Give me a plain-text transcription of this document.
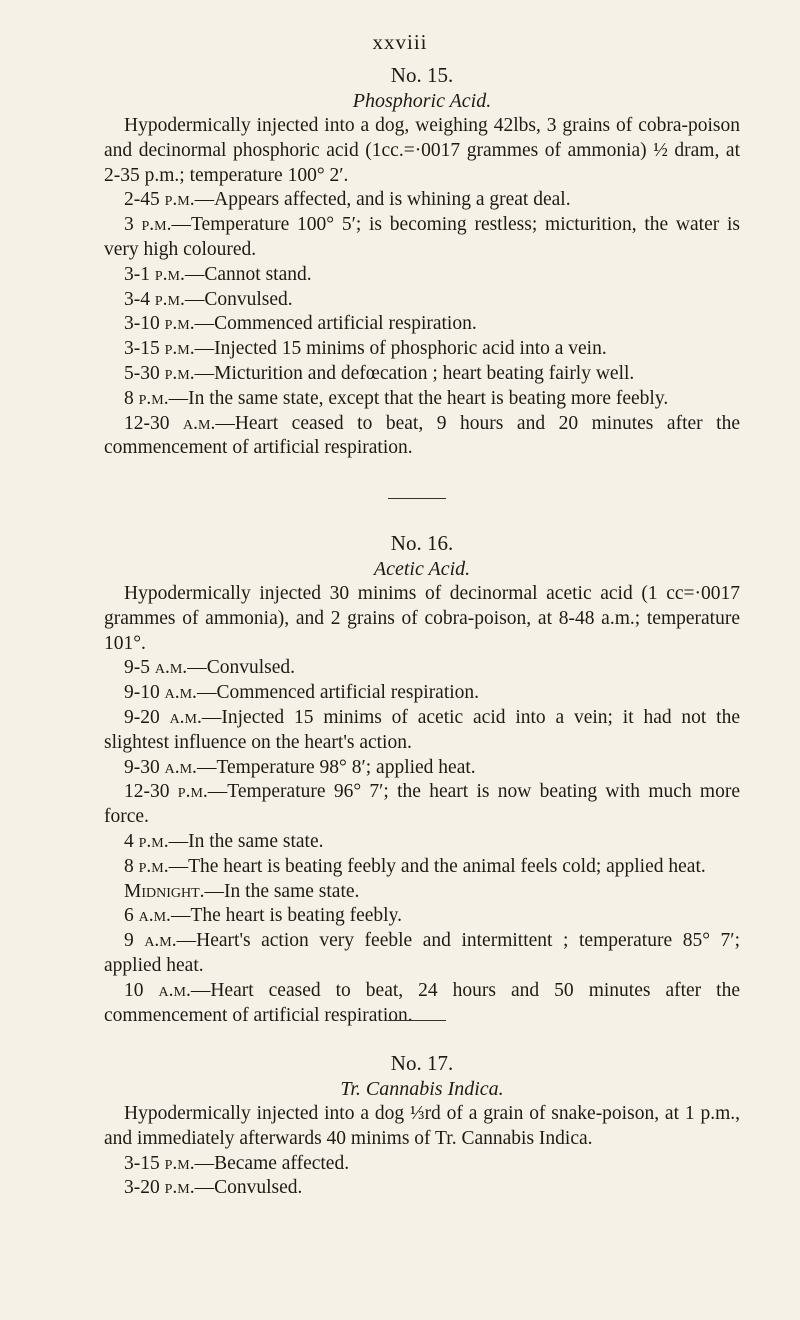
xxviii
No. 15.
Phosphoric Acid.

Hypodermically injected into a dog, weighing 42lbs, 3 grains of cobra-poison and decinormal phosphoric acid (1cc.=·0017 grammes of ammonia) ½ dram, at 2-35 p.m.; temperature 100° 2′.

2-45 p.m.—Appears affected, and is whining a great deal.

3 p.m.—Temperature 100° 5′; is becoming restless; micturition, the water is very high coloured.

3-1 p.m.—Cannot stand.

3-4 p.m.—Convulsed.

3-10 p.m.—Commenced artificial respiration.

3-15 p.m.—Injected 15 minims of phosphoric acid into a vein.

5-30 p.m.—Micturition and defœcation ; heart beating fairly well.

8 p.m.—In the same state, except that the heart is beating more feebly.

12-30 a.m.—Heart ceased to beat, 9 hours and 20 minutes after the commencement of artificial respiration.

No. 16.
Acetic Acid.

Hypodermically injected 30 minims of decinormal acetic acid (1 cc=·0017 grammes of ammonia), and 2 grains of cobra-poison, at 8-48 a.m.; temperature 101°.

9-5 a.m.—Convulsed.

9-10 a.m.—Commenced artificial respiration.

9-20 a.m.—Injected 15 minims of acetic acid into a vein; it had not the slightest influence on the heart's action.

9-30 a.m.—Temperature 98° 8′; applied heat.

12-30 p.m.—Temperature 96° 7′; the heart is now beating with much more force.

4 p.m.—In the same state.

8 p.m.—The heart is beating feebly and the animal feels cold; applied heat.

Midnight.—In the same state.

6 a.m.—The heart is beating feebly.

9 a.m.—Heart's action very feeble and intermittent ; temperature 85° 7′; applied heat.

10 a.m.—Heart ceased to beat, 24 hours and 50 minutes after the commencement of artificial respiration.

No. 17.
Tr. Cannabis Indica.

Hypodermically injected into a dog ⅓rd of a grain of snake-poison, at 1 p.m., and immediately afterwards 40 minims of Tr. Cannabis Indica.

3-15 p.m.—Became affected.

3-20 p.m.—Convulsed.
